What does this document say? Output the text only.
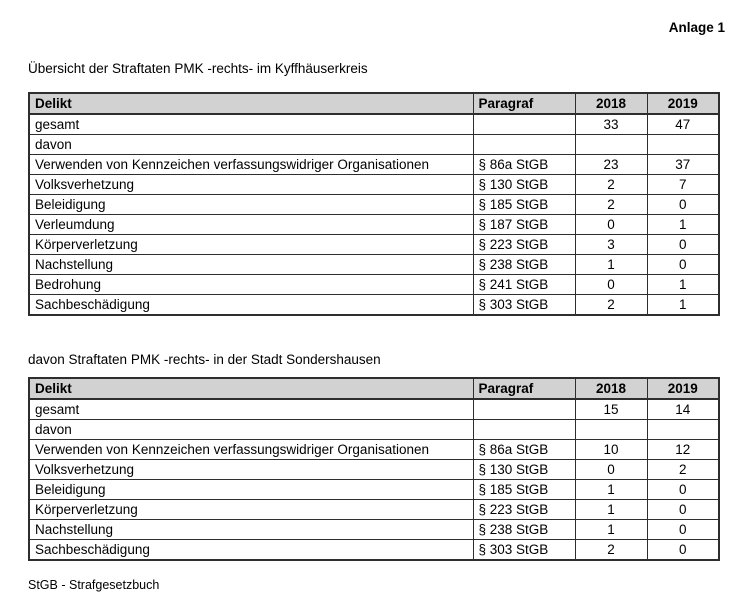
Anlage 1
Übersicht der Straftaten PMK -rechts- im Kyffhäuserkreis
Delikt	Paragraf	2018	2019
gesamt		33	47
davon			
Verwenden von Kennzeichen verfassungswidriger Organisationen	§ 86a StGB	23	37
Volksverhetzung	§ 130 StGB	2	7
Beleidigung	§ 185 StGB	2	0
Verleumdung	§ 187 StGB	0	1
Körperverletzung	§ 223 StGB	3	0
Nachstellung	§ 238 StGB	1	0
Bedrohung	§ 241 StGB	0	1
Sachbeschädigung	§ 303 StGB	2	1
davon Straftaten PMK -rechts- in der Stadt Sondershausen
Delikt	Paragraf	2018	2019
gesamt		15	14
davon			
Verwenden von Kennzeichen verfassungswidriger Organisationen	§ 86a StGB	10	12
Volksverhetzung	§ 130 StGB	0	2
Beleidigung	§ 185 StGB	1	0
Körperverletzung	§ 223 StGB	1	0
Nachstellung	§ 238 StGB	1	0
Sachbeschädigung	§ 303 StGB	2	0
StGB - Strafgesetzbuch
